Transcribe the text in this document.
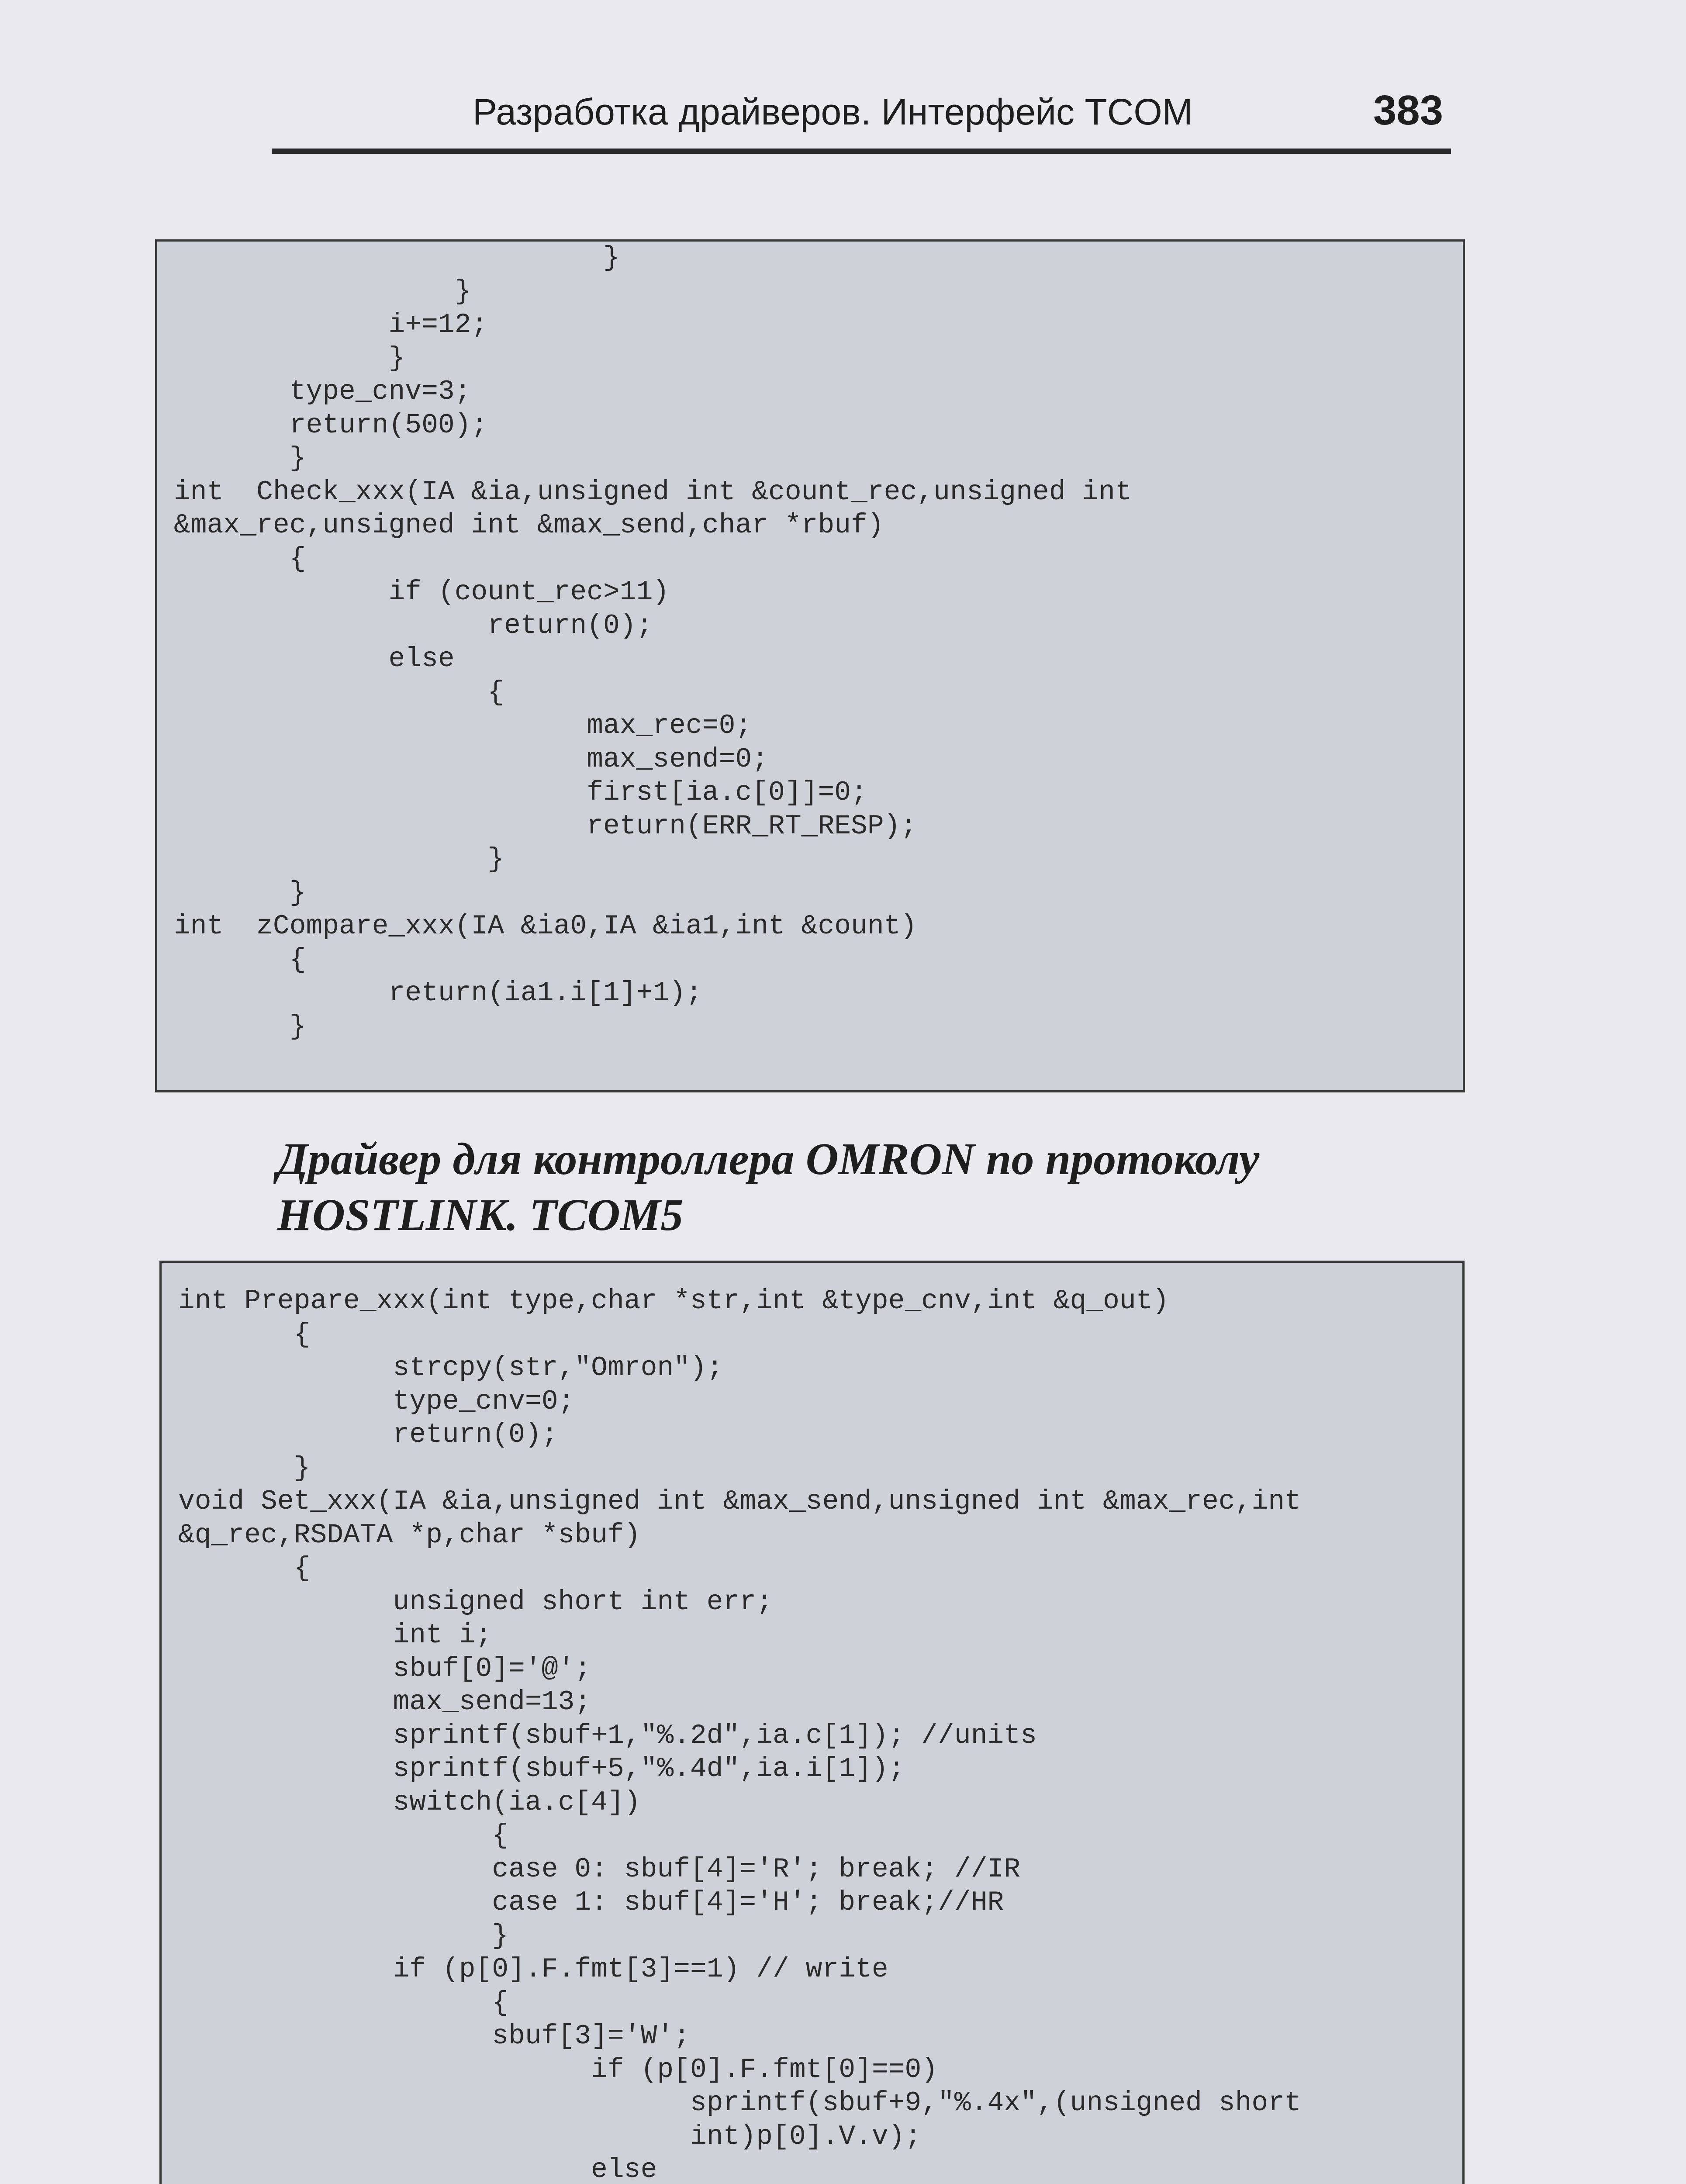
Разработка драйверов. Интерфейс TCOM	383
}
}
i+=12;
}
type_cnv=3;
return(500);
}
int  Check_xxx(IA &ia,unsigned int &count_rec,unsigned int
&max_rec,unsigned int &max_send,char *rbuf)
{
if (count_rec>11)
return(0);
else
{
max_rec=0;
max_send=0;
first[ia.c[0]]=0;
return(ERR_RT_RESP);
}
}
int  zCompare_xxx(IA &ia0,IA &ia1,int &count)
{
return(ia1.i[1]+1);
}
Драйвер для контроллера OMRON по протоколу
HOSTLINK. TCOM5
int Prepare_xxx(int type,char *str,int &type_cnv,int &q_out)
{
strcpy(str,"Omron");
type_cnv=0;
return(0);
}
void Set_xxx(IA &ia,unsigned int &max_send,unsigned int &max_rec,int
&q_rec,RSDATA *p,char *sbuf)
{
unsigned short int err;
int i;
sbuf[0]='@';
max_send=13;
sprintf(sbuf+1,"%.2d",ia.c[1]); //units
sprintf(sbuf+5,"%.4d",ia.i[1]);
switch(ia.c[4])
{
case 0: sbuf[4]='R'; break; //IR
case 1: sbuf[4]='H'; break;//HR
}
if (p[0].F.fmt[3]==1) // write
{
sbuf[3]='W';
if (p[0].F.fmt[0]==0)
sprintf(sbuf+9,"%.4x",(unsigned short
int)p[0].V.v);
else
